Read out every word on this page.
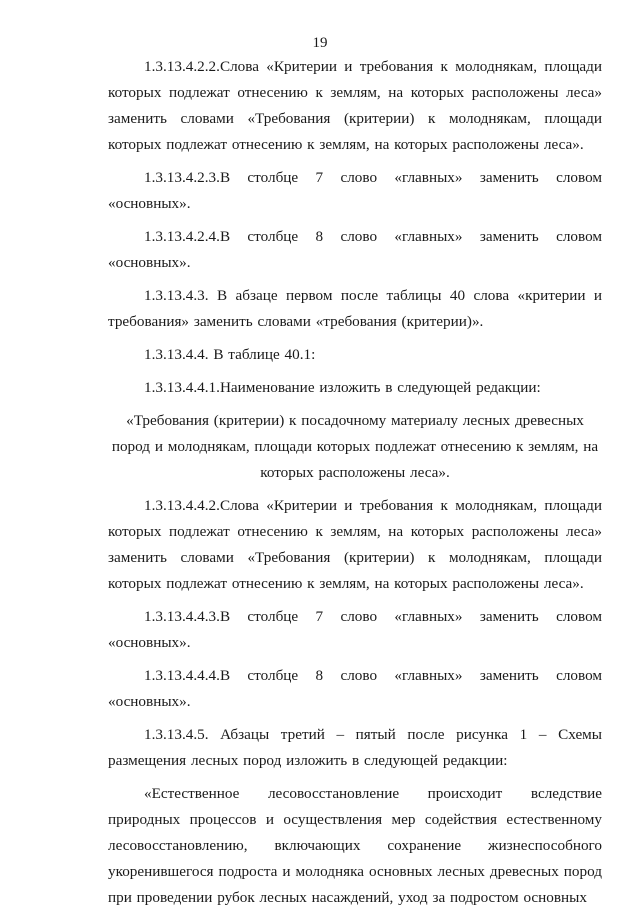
19

1.3.13.4.2.2.Слова «Критерии и требования к молоднякам, площади которых подлежат отнесению к землям, на которых расположены леса» заменить словами «Требования (критерии) к молоднякам, площади которых подлежат отнесению к землям, на которых расположены леса».

1.3.13.4.2.3.В столбце 7 слово «главных» заменить словом «основных».

1.3.13.4.2.4.В столбце 8 слово «главных» заменить словом «основных».

1.3.13.4.3. В абзаце первом после таблицы 40 слова «критерии и требования» заменить словами «требования (критерии)».

1.3.13.4.4. В таблице 40.1:

1.3.13.4.4.1.Наименование изложить в следующей редакции:

«Требования (критерии) к посадочному материалу лесных древесных пород и молоднякам, площади которых подлежат отнесению к землям, на которых расположены леса».

1.3.13.4.4.2.Слова «Критерии и требования к молоднякам, площади которых подлежат отнесению к землям, на которых расположены леса» заменить словами «Требования (критерии) к молоднякам, площади которых подлежат отнесению к землям, на которых расположены леса».

1.3.13.4.4.3.В столбце 7 слово «главных» заменить словом «основных».

1.3.13.4.4.4.В столбце 8 слово «главных» заменить словом «основных».

1.3.13.4.5. Абзацы третий – пятый после рисунка 1 – Схемы размещения лесных пород изложить в следующей редакции:

«Естественное лесовосстановление происходит вследствие природных процессов и осуществления мер содействия естественному лесовосстановлению, включающих сохранение жизнеспособного укоренившегося подроста и молодняка основных лесных древесных пород при проведении рубок лесных насаждений, уход за подростом основных
